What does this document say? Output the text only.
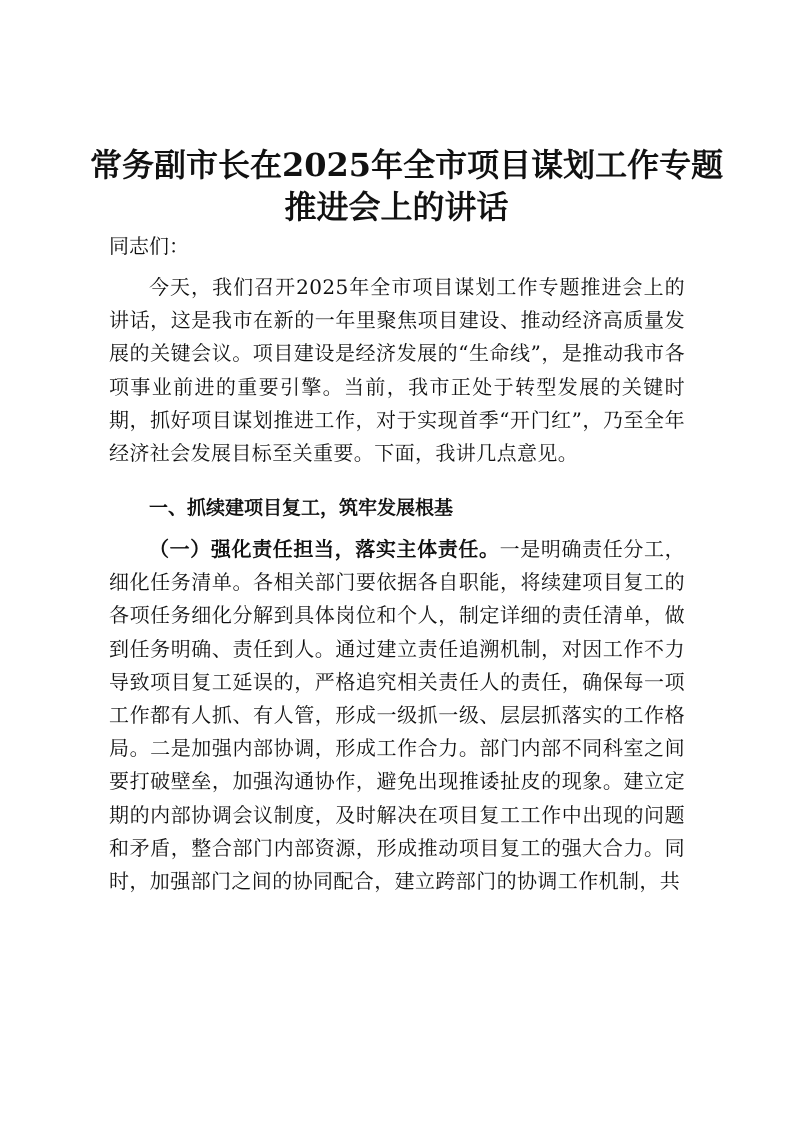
常务副市长在2025年全市项目谋划工作专题
推进会上的讲话

同志们：

今天，我们召开2025年全市项目谋划工作专题推进会上的讲话，这是我市在新的一年里聚焦项目建设、推动经济高质量发展的关键会议。项目建设是经济发展的“生命线”，是推动我市各项事业前进的重要引擎。当前，我市正处于转型发展的关键时期，抓好项目谋划推进工作，对于实现首季“开门红”，乃至全年经济社会发展目标至关重要。下面，我讲几点意见。

一、抓续建项目复工，筑牢发展根基

（一）强化责任担当，落实主体责任。一是明确责任分工，细化任务清单。各相关部门要依据各自职能，将续建项目复工的各项任务细化分解到具体岗位和个人，制定详细的责任清单，做到任务明确、责任到人。通过建立责任追溯机制，对因工作不力导致项目复工延误的，严格追究相关责任人的责任，确保每一项工作都有人抓、有人管，形成一级抓一级、层层抓落实的工作格局。二是加强内部协调，形成工作合力。部门内部不同科室之间要打破壁垒，加强沟通协作，避免出现推诿扯皮的现象。建立定期的内部协调会议制度，及时解决在项目复工工作中出现的问题和矛盾，整合部门内部资源，形成推动项目复工的强大合力。同时，加强部门之间的协同配合，建立跨部门的协调工作机制，共
